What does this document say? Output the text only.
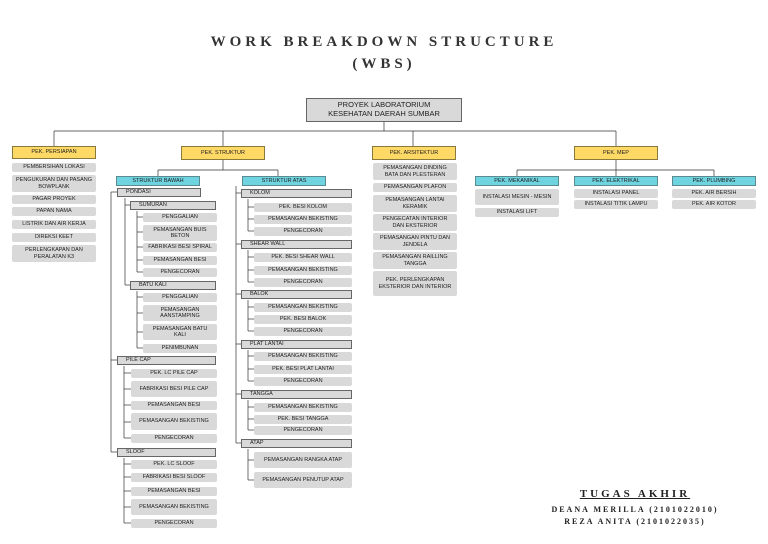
WORK BREAKDOWN STRUCTURE
(WBS)
PROYEK LABORATORIUM
KESEHATAN DAERAH SUMBAR
PEK. PERSIAPAN	PEK. STRUKTUR	PEK. ARSITEKTUR	PEK. MEP
PEMBERSIHAN LOKASI
PENGUKURAN DAN PASANG BOWPLANK
PAGAR PROYEK
PAPAN NAMA
LISTRIK DAN AIR KERJA
DIREKSI KEET
PERLENGKAPAN DAN PERALATAN K3
STRUKTUR BAWAH
PONDASI
SUMURAN
PENGGALIAN
PEMASANGAN BUIS BETON
FABRIKASI BESI SPIRAL
PEMASANGAN BESI
PENGECORAN
BATU KALI
PENGGALIAN
PEMASANGAN AANSTAMPING
PEMASANGAN BATU KALI
PENIMBUNAN
PILE CAP
PEK. LC PILE CAP
FABRIKASI BESI PILE CAP
PEMASANGAN BESI
PEMASANGAN BEKISTING
PENGECORAN
SLOOF
PEK. LC SLOOF
FABRIKASI BESI SLOOF
PEMASANGAN BESI
PEMASANGAN BEKISTING
PENGECORAN
STRUKTUR ATAS
KOLOM
PEK. BESI KOLOM
PEMASANGAN BEKISTING
PENGECORAN
SHEAR WALL
PEK. BESI SHEAR WALL
PEMASANGAN BEKISTING
PENGECORAN
BALOK
PEMASANGAN BEKISTING
PEK. BESI BALOK
PENGECORAN
PLAT LANTAI
PEMASANGAN BEKISTING
PEK. BESI PLAT LANTAI
PENGECORAN
TANGGA
PEMASANGAN BEKISTING
PEK. BESI TANGGA
PENGECORAN
ATAP
PEMASANGAN RANGKA ATAP
PEMASANGAN PENUTUP ATAP
PEMASANGAN DINDING BATA DAN PLESTERAN
PEMASANGAN PLAFON
PEMASANGAN LANTAI KERAMIK
PENGECATAN INTERIOR DAN EKSTERIOR
PEMASANGAN PINTU DAN JENDELA
PEMASANGAN RAILLING TANGGA
PEK. PERLENGKAPAN EKSTERIOR DAN INTERIOR
PEK. MEKANIKAL
INSTALASI MESIN - MESIN
INSTALASI LIFT
PEK. ELEKTRIKAL
INSTALASI PANEL
INSTALASI TITIK LAMPU
PEK. PLUMBING
PEK. AIR BERSIH
PEK. AIR KOTOR
TUGAS AKHIR
DEANA MERILLA (2101022010)
REZA ANITA (2101022035)
